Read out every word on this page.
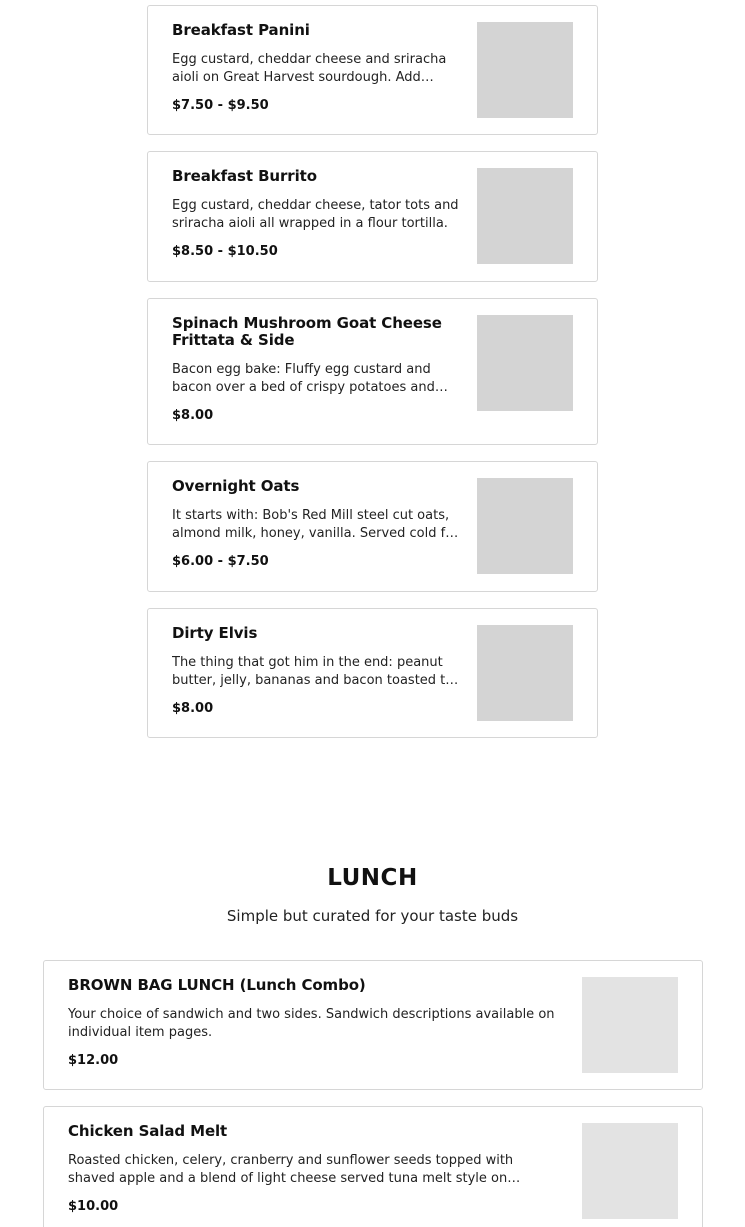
Breakfast Panini
Egg custard, cheddar cheese and sriracha aioli on Great Harvest sourdough. Add
$7.50 - $9.50
Breakfast Burrito
Egg custard, cheddar cheese, tator tots and sriracha aioli all wrapped in a flour tortilla.
$8.50 - $10.50
Spinach Mushroom Goat Cheese Frittata & Side
Bacon egg bake: Fluffy egg custard and bacon over a bed of crispy potatoes and
$8.00
Overnight Oats
It starts with: Bob's Red Mill steel cut oats, almond milk, honey, vanilla. Served cold for
$6.00 - $7.50
Dirty Elvis
The thing that got him in the end: peanut butter, jelly, bananas and bacon toasted to
$8.00
LUNCH

Simple but curated for your taste buds

BROWN BAG LUNCH (Lunch Combo)
Your choice of sandwich and two sides. Sandwich descriptions available on individual item pages.
$12.00
Chicken Salad Melt
Roasted chicken, celery, cranberry and sunflower seeds topped with shaved apple and a blend of light cheese served tuna melt style on
$10.00
